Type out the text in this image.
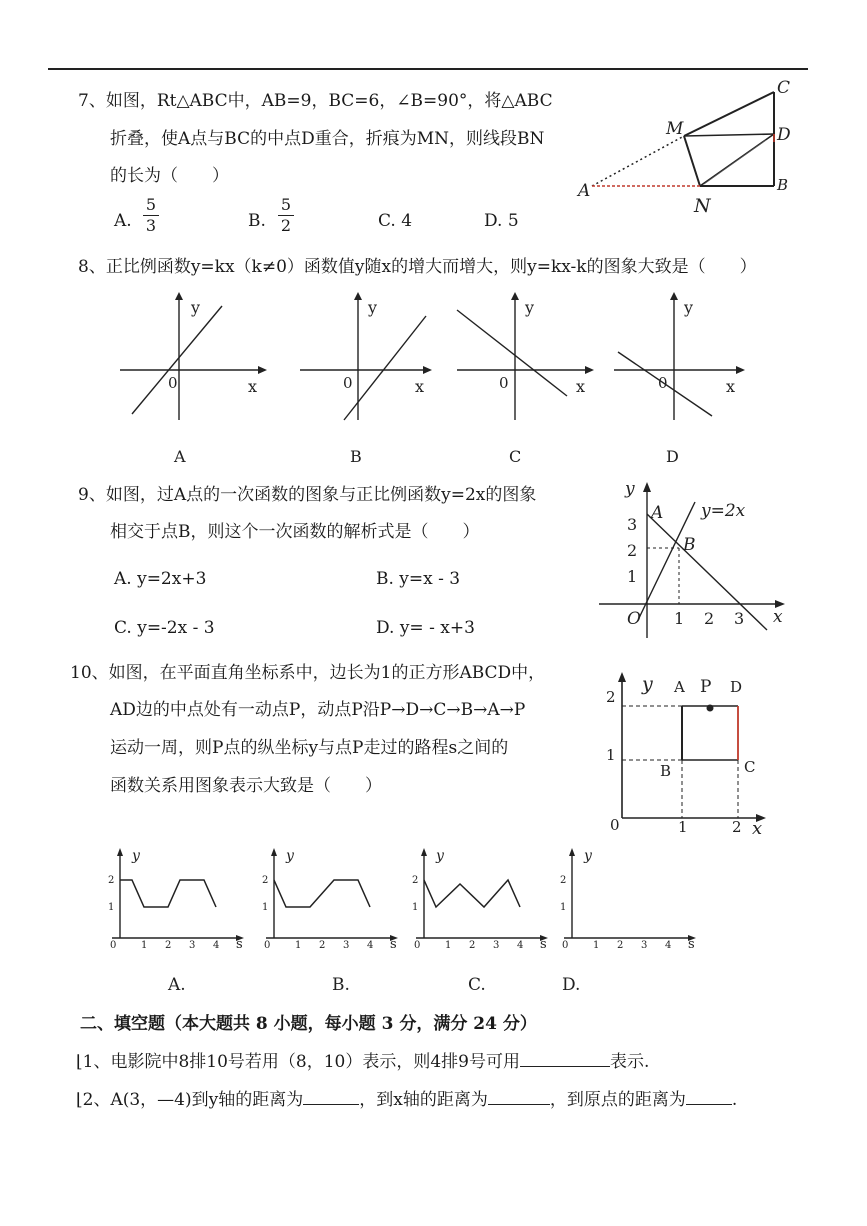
7、如图，Rt△ABC中，AB=9，BC=6，∠B=90°，将△ABC
折叠，使A点与BC的中点D重合，折痕为MN，则线段BN
的长为（　　）
A.
5
3	B.
5
2	C. 4	D. 5
C
M	D
A	B
N
8、正比例函数y=kx（k≠0）函数值y随x的增大而增大，则y=kx-k的图象大致是（　　）
y
0	x
A
y
0	x
B
y
0	x
C
y
0	x
D
9、如图，过A点的一次函数的图象与正比例函数y=2x的图象
相交于点B，则这个一次函数的解析式是（　　）
A. y=2x+3	B. y=x - 3
C. y=-2x - 3	D. y= - x+3
y
y=2x
A
B
3
2
1
O 1 2 3 x
10、如图，在平面直角坐标系中，边长为1的正方形ABCD中，
AD边的中点处有一动点P，动点P沿P→D→C→B→A→P
运动一周，则P点的纵坐标y与点P走过的路程s之间的
函数关系用图象表示大致是（　　）
y A P D
B	C
2
1
0	1	2 x
y
2
1
0 1 2 3 4 s
A.
y
2
1
0 1 2 3 4 s
B.
y
2
1
0 1 2 3 4 s
C.
y
2
1
0 1 2 3 4 s
D.
二、填空题（本大题共 8 小题，每小题 3 分，满分 24 分）
⌊1、电影院中8排10号若用（8，10）表示，则4排9号可用	表示.
⌊2、A(3，—4)到y轴的距离为	，到x轴的距离为	，到原点的距离为	.
